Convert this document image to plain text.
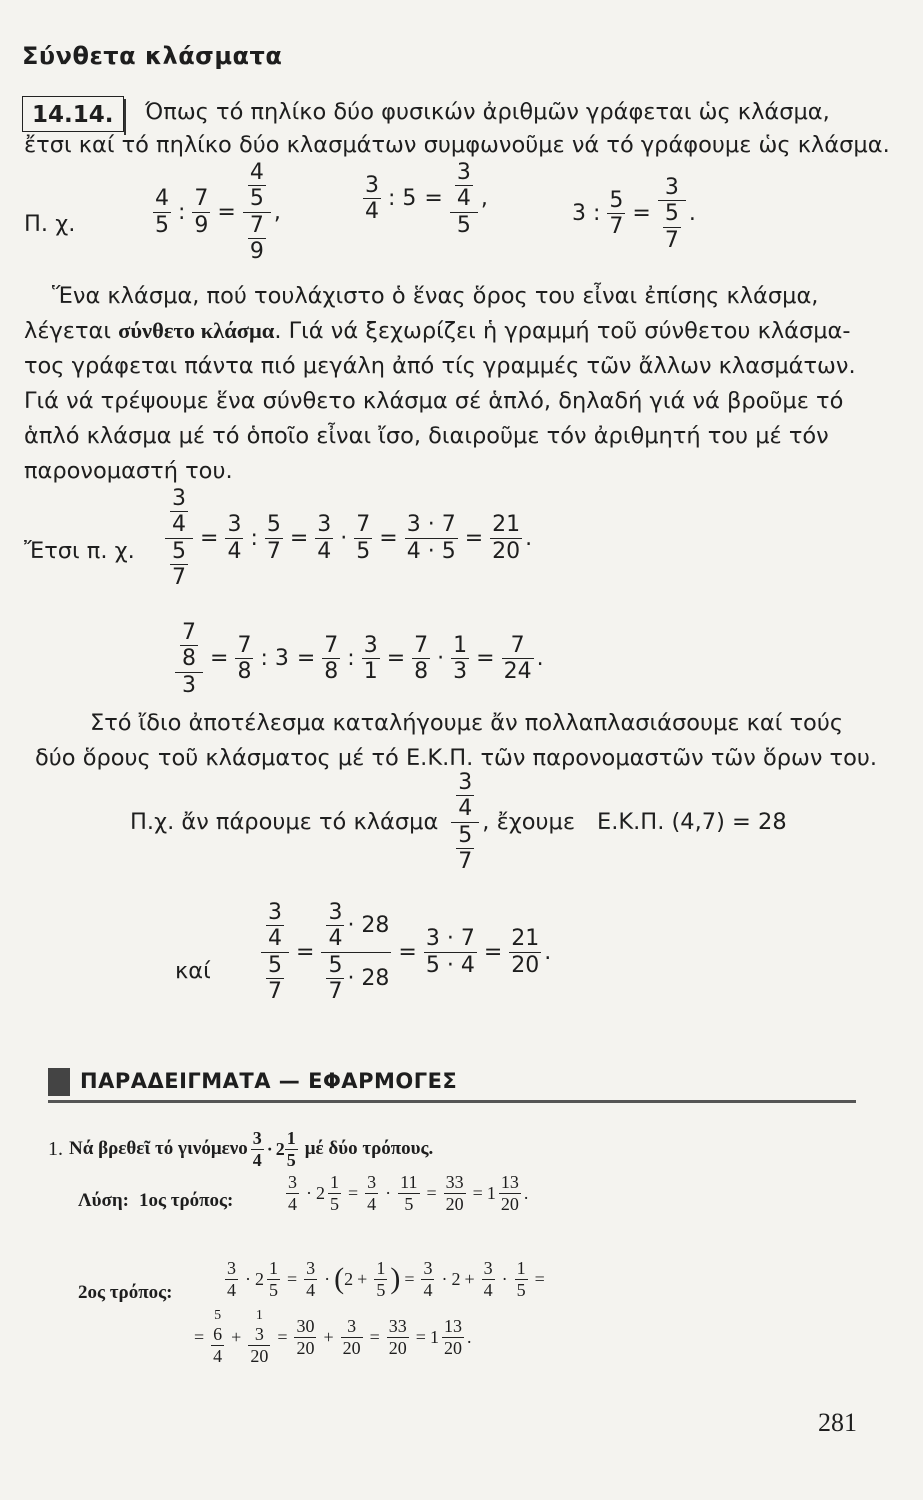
Σύνθετα κλάσματα
14.14.	Όπως τό πηλίκο δύο φυσικών ἀριθμῶν γράφεται ὡς κλάσμα,
ἔτσι καί τό πηλίκο δύο κλασμάτων συμφωνοῦμε νά τό γράφουμε ὡς κλάσμα.
Π. χ.	$\frac{4}{5}$ : $\frac{7}{9} = \frac{\frac{4}{5}}{\frac{7}{9}}$ ,	$\frac{3}{4}$ : $5 = \frac{\frac{3}{4}}{5}$ ,
3 : $\frac{5}{7} = \frac{3}{\frac{5}{7}}$ .
Ἕνα κλάσμα, πού τουλάχιστο ὁ ἕνας ὅρος του εἶναι ἐπίσης κλάσμα,
λέγεται σύνθετο κλάσμα. Γιά νά ξεχωρίζει ἡ γραμμή τοῦ σύνθετου κλάσμα-
τος γράφεται πάντα πιό μεγάλη ἀπό τίς γραμμές τῶν ἄλλων κλασμάτων.
Γιά νά τρέψουμε ἕνα σύνθετο κλάσμα σέ ἁπλό, δηλαδή γιά νά βροῦμε τό
ἁπλό κλάσμα μέ τό ὁποῖο εἶναι ἴσο, διαιροῦμε τόν ἀριθμητή του μέ τόν
παρονομαστή του.
Ἔτσι π. χ. $\frac{\frac{3}{4}}{\frac{5}{7}} = \frac{3}{4}$ : $\frac{5}{7} = \frac{3}{4} \cdot \frac{7}{5} = \frac{3 \cdot 7}{4 \cdot 5} = \frac{21}{20}$ .
$\frac{\frac{7}{8}}{3} = \frac{7}{8}$ : $3 = \frac{7}{8}$ : $\frac{3}{1} = \frac{7}{8} \cdot \frac{1}{3} = \frac{7}{24}$ .
Στό ἴδιο ἀποτέλεσμα καταλήγουμε ἄν πολλαπλασιάσουμε καί τούς
δύο ὅρους τοῦ κλάσματος μέ τό Ε.Κ.Π. τῶν παρονομαστῶν τῶν ὅρων του.
Π.χ. ἄν πάρουμε τό κλάσμα $\frac{\frac{3}{4}}{\frac{5}{7}}$ , ἔχουμε Ε.Κ.Π. (4,7) = 28
καί $\frac{\frac{3}{4}}{\frac{5}{7}} = \frac{\frac{3}{4} \cdot 28}{\frac{5}{7} \cdot 28} = \frac{3 \cdot 7}{5 \cdot 4} = \frac{21}{20}$ .
ΠΑΡΑΔΕΙΓΜΑΤΑ — ΕΦΑΡΜΟΓΕΣ
1. Νά βρεθεῖ τό γινόμενο $\frac{3}{4} \cdot 2 \frac{1}{5}$ μέ δύο τρόπους.
Λύση: 1ος τρόπος:	$\frac{3}{4} \cdot 2 \frac{1}{5} = \frac{3}{4} \cdot \frac{11}{5} = \frac{33}{20} = 1 \frac{13}{20}$ .
2ος τρόπος:	$\frac{3}{4} \cdot 2 \frac{1}{5} = \frac{3}{4}$ · ( $2 + \frac{1}{5}$ ) = $\frac{3}{4} \cdot 2 + \frac{3}{4} \cdot \frac{1}{5}$ =
=
5
$\frac{6}{4}$ +
1
$\frac{3}{20} = \frac{30}{20} + \frac{3}{20} = \frac{33}{20} = 1 \frac{13}{20}$ .
281
